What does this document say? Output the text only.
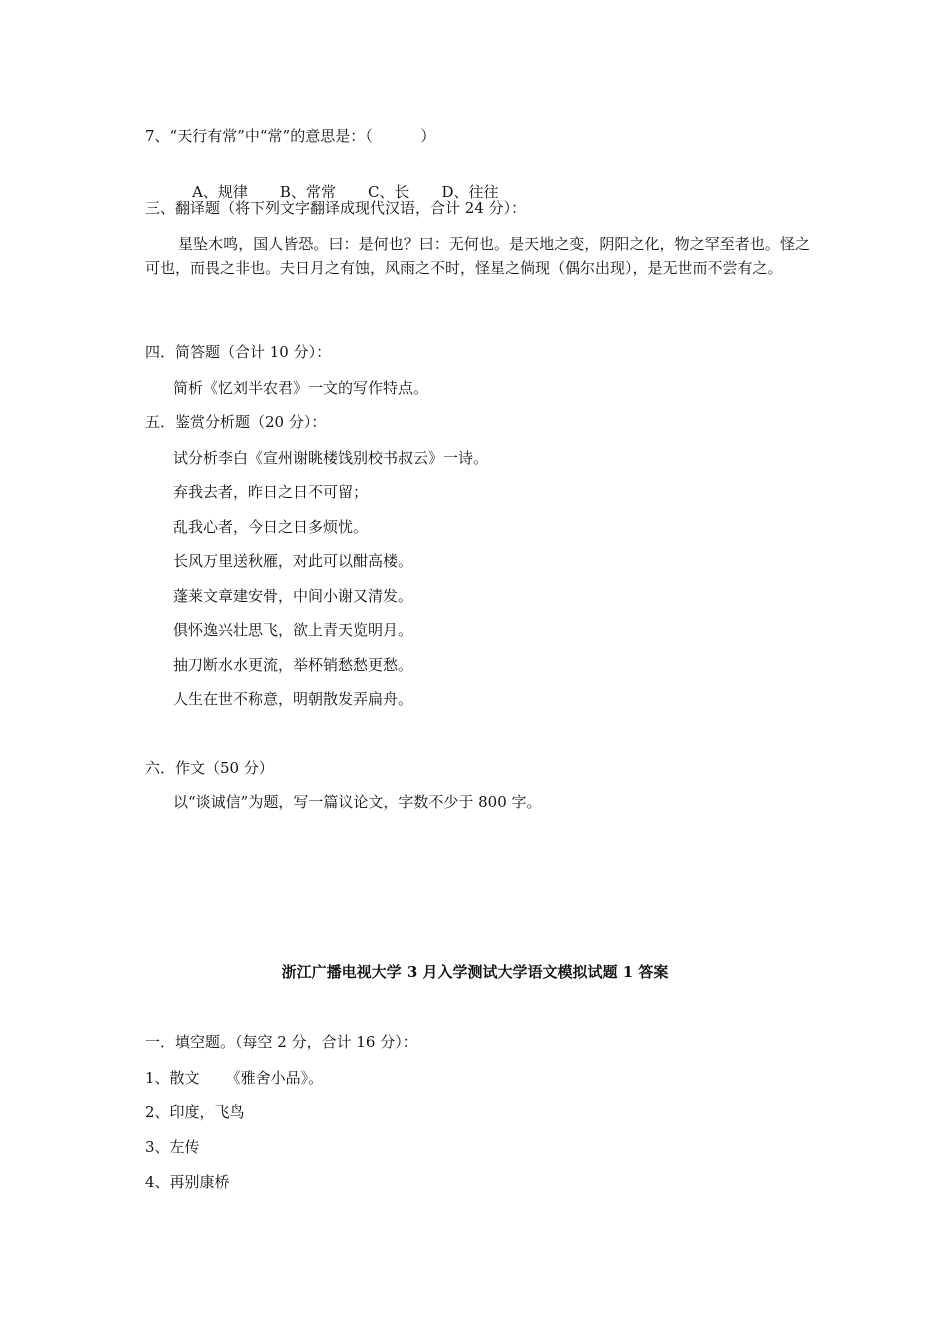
7、“天行有常”中“常”的意思是：（          ）

A、规律 B、常常 C、长 D、往往

三、翻译题（将下列文字翻译成现代汉语，合计 24 分）：
星坠木鸣，国人皆恐。曰：是何也？曰：无何也。是天地之变，阴阳之化，物之罕至者也。怪之可也，而畏之非也。夫日月之有蚀，风雨之不时，怪星之倘现（偶尔出现），是无世而不尝有之。
四．简答题（合计 10 分）：
简析《忆刘半农君》一文的写作特点。
五．鉴赏分析题（20 分）：
试分析李白《宣州谢眺楼饯别校书叔云》一诗。
弃我去者，昨日之日不可留；
乱我心者，今日之日多烦忧。
长风万里送秋雁，对此可以酣高楼。
蓬莱文章建安骨，中间小谢又清发。
俱怀逸兴壮思飞，欲上青天览明月。
抽刀断水水更流，举杯销愁愁更愁。
人生在世不称意，明朝散发弄扁舟。
六．作文（50 分）
以“谈诚信”为题，写一篇议论文，字数不少于 800 字。
浙江广播电视大学 3 月入学测试大学语文模拟试题 1 答案
一．填空题。（每空 2 分，合计 16 分）：
1、散文 《雅舍小品》。
2、印度，飞鸟
3、左传
4、再别康桥
